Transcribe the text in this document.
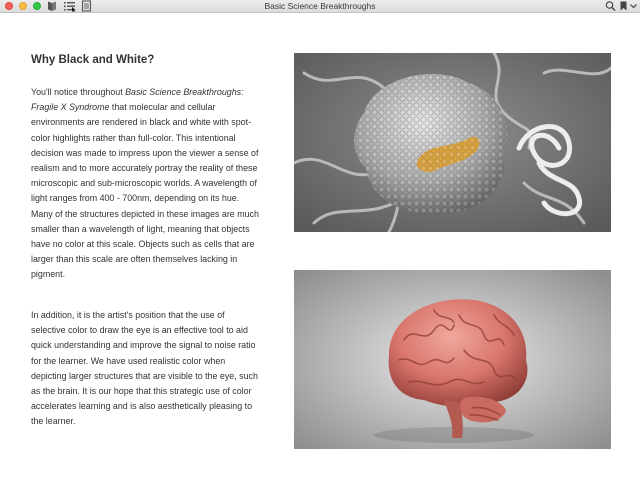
Basic Science Breakthroughs
Why Black and White?
You'll notice throughout Basic Science Breakthroughs: Fragile X Syndrome that molecular and cellular environments are rendered in black and white with spot-color highlights rather than full-color. This intentional decision was made to impress upon the viewer a sense of realism and to more accurately portray the reality of these microscopic and sub-microscopic worlds. A wavelength of light ranges from 400 - 700nm, depending on its hue. Many of the structures depicted in these images are much smaller than a wavelength of light, meaning that objects have no color at this scale. Objects such as cells that are larger than this scale are often themselves lacking in pigment.
In addition, it is the artist's position that the use of selective color to draw the eye is an effective tool to aid quick understanding and improve the signal to noise ratio for the learner. We have used realistic color when depicting larger structures that are visible to the eye, such as the brain. It is our hope that this strategic use of color accelerates learning and is also aesthetically pleasing to the learner.
